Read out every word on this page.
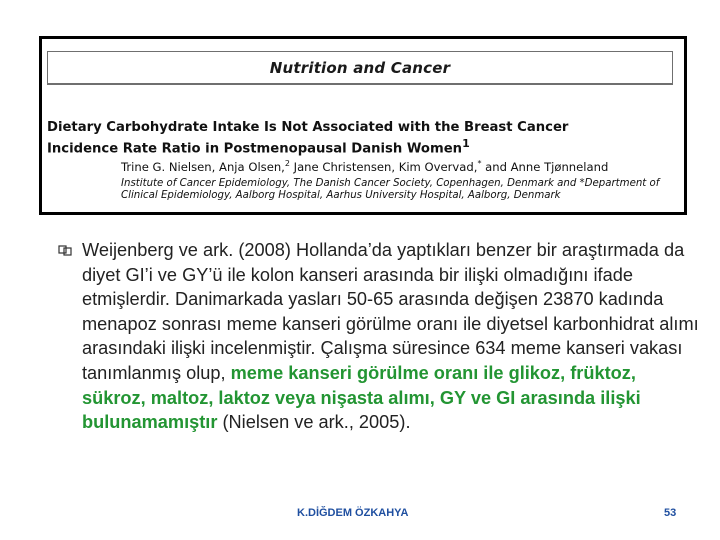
Nutrition and Cancer
Dietary Carbohydrate Intake Is Not Associated with the Breast Cancer
Incidence Rate Ratio in Postmenopausal Danish Women$^1$
Trine G. Nielsen, Anja Olsen,$^2$ Jane Christensen, Kim Overvad,* and Anne Tjønneland
Institute of Cancer Epidemiology, The Danish Cancer Society, Copenhagen, Denmark and *Department of
Clinical Epidemiology, Aalborg Hospital, Aarhus University Hospital, Aalborg, Denmark
Weijenberg ve ark. (2008) Hollanda’da yaptıkları benzer bir araştırmada da diyet GI’i ve GY’ü ile kolon kanseri arasında bir ilişki olmadığını ifade etmişlerdir. Danimarkada yasları 50-65 arasında değişen 23870 kadında menapoz sonrası meme kanseri görülme oranı ile diyetsel karbonhidrat alımı arasındaki ilişki incelenmiştir. Çalışma süresince 634 meme kanseri vakası tanımlanmış olup, meme kanseri görülme oranı ile glikoz, früktoz, sükroz, maltoz, laktoz veya nişasta alımı, GY ve GI arasında ilişki bulunamamıştır (Nielsen ve ark., 2005).
K.DİĞDEM ÖZKAHYA	53
